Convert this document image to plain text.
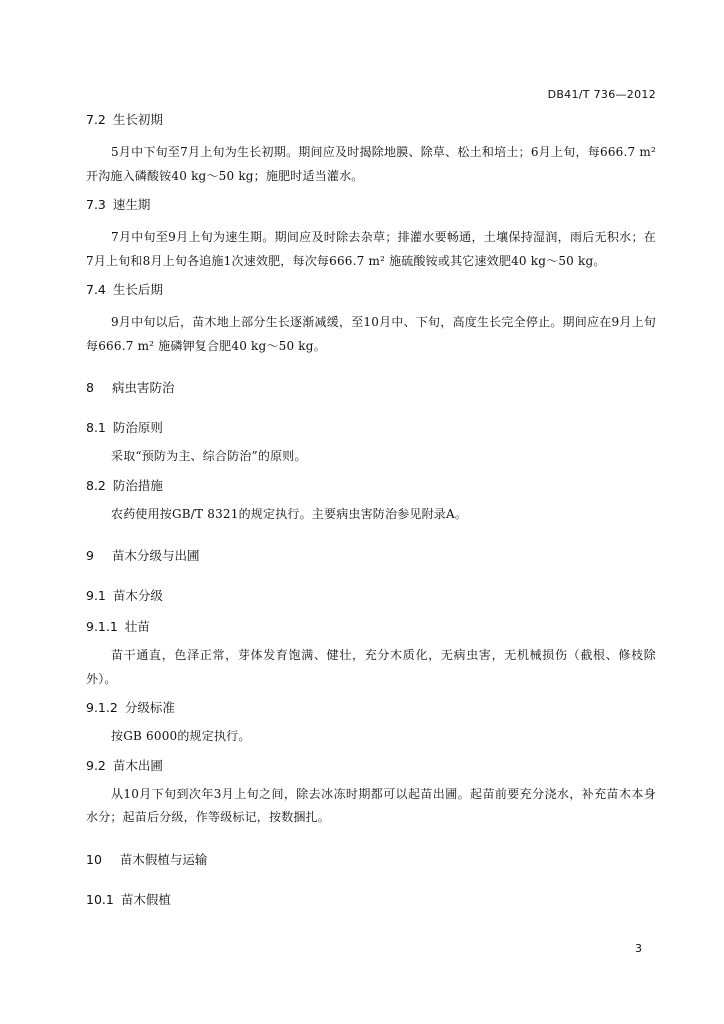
DB41/T 736—2012
7.2 生长初期

5月中下旬至7月上旬为生长初期。期间应及时揭除地膜、除草、松土和培土；6月上旬，每666.7 m² 开沟施入磷酸铵40 kg～50 kg；施肥时适当灌水。

7.3 速生期

7月中旬至9月上旬为速生期。期间应及时除去杂草；排灌水要畅通，土壤保持湿润，雨后无积水；在7月上旬和8月上旬各追施1次速效肥，每次每666.7 m² 施硫酸铵或其它速效肥40 kg～50 kg。

7.4 生长后期

9月中旬以后，苗木地上部分生长逐渐减缓，至10月中、下旬，高度生长完全停止。期间应在9月上旬每666.7 m² 施磷钾复合肥40 kg～50 kg。

8 病虫害防治
8.1 防治原则

采取“预防为主、综合防治”的原则。

8.2 防治措施

农药使用按GB/T 8321的规定执行。主要病虫害防治参见附录A。

9 苗木分级与出圃
9.1 苗木分级
9.1.1 壮苗

苗干通直，色泽正常，芽体发育饱满、健壮，充分木质化，无病虫害，无机械损伤（截根、修枝除外）。

9.1.2 分级标准

按GB 6000的规定执行。

9.2 苗木出圃

从10月下旬到次年3月上旬之间，除去冰冻时期都可以起苗出圃。起苗前要充分浇水，补充苗木本身水分；起苗后分级，作等级标记，按数捆扎。

10 苗木假植与运输
10.1 苗木假植
3
